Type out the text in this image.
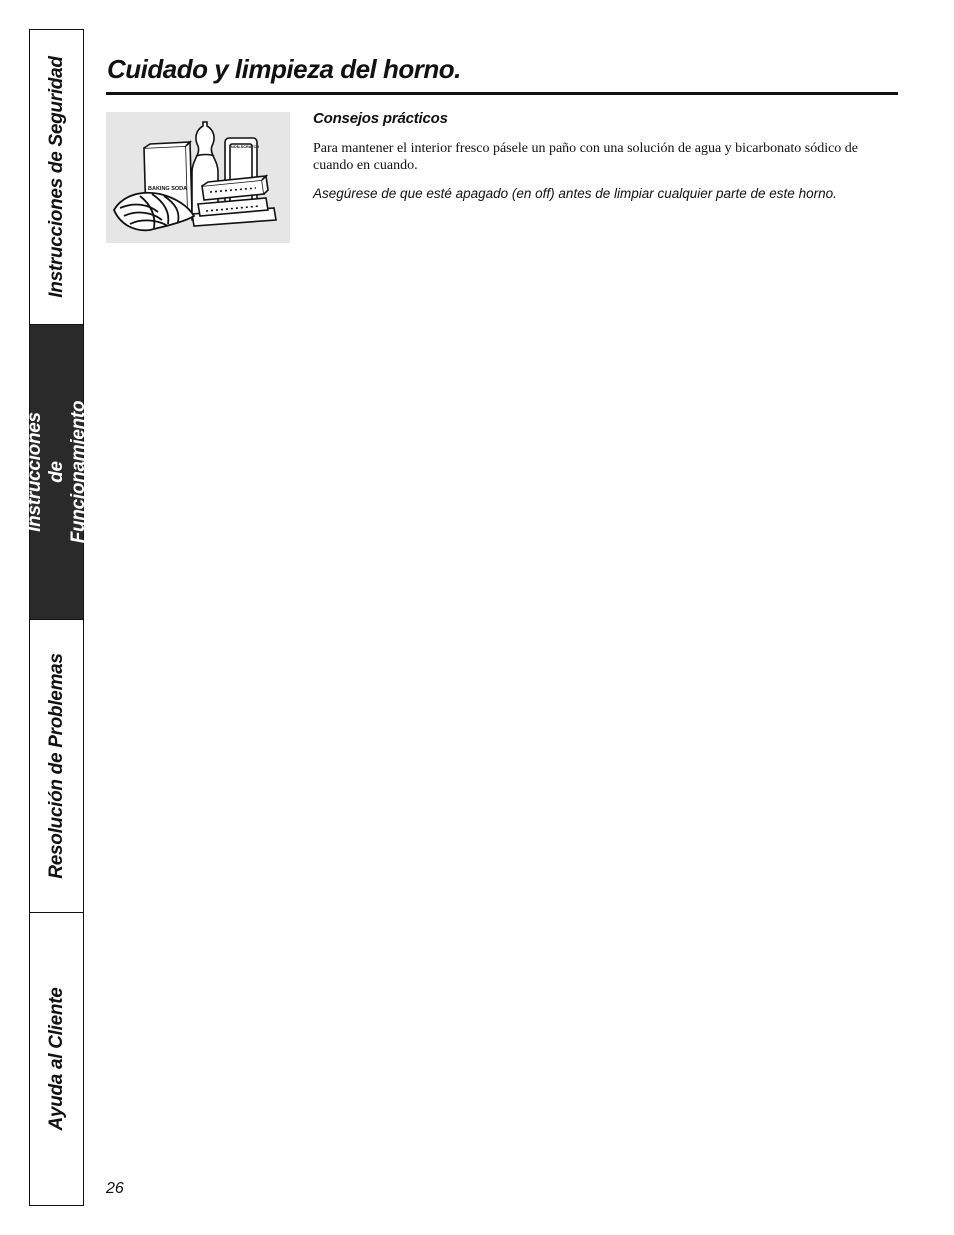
Instrucciones de Seguridad
Instrucciones de
Funcionamiento
Resolución de Problemas
Ayuda al Cliente
Cuidado y limpieza del horno.
BAKING SODA
NON-SCRATCH
Consejos prácticos

Para mantener el interior fresco pásele un paño con una solución de agua y bicarbonato sódico de cuando en cuando.

Asegúrese de que esté apagado (en off) antes de limpiar cualquier parte de este horno.

26
